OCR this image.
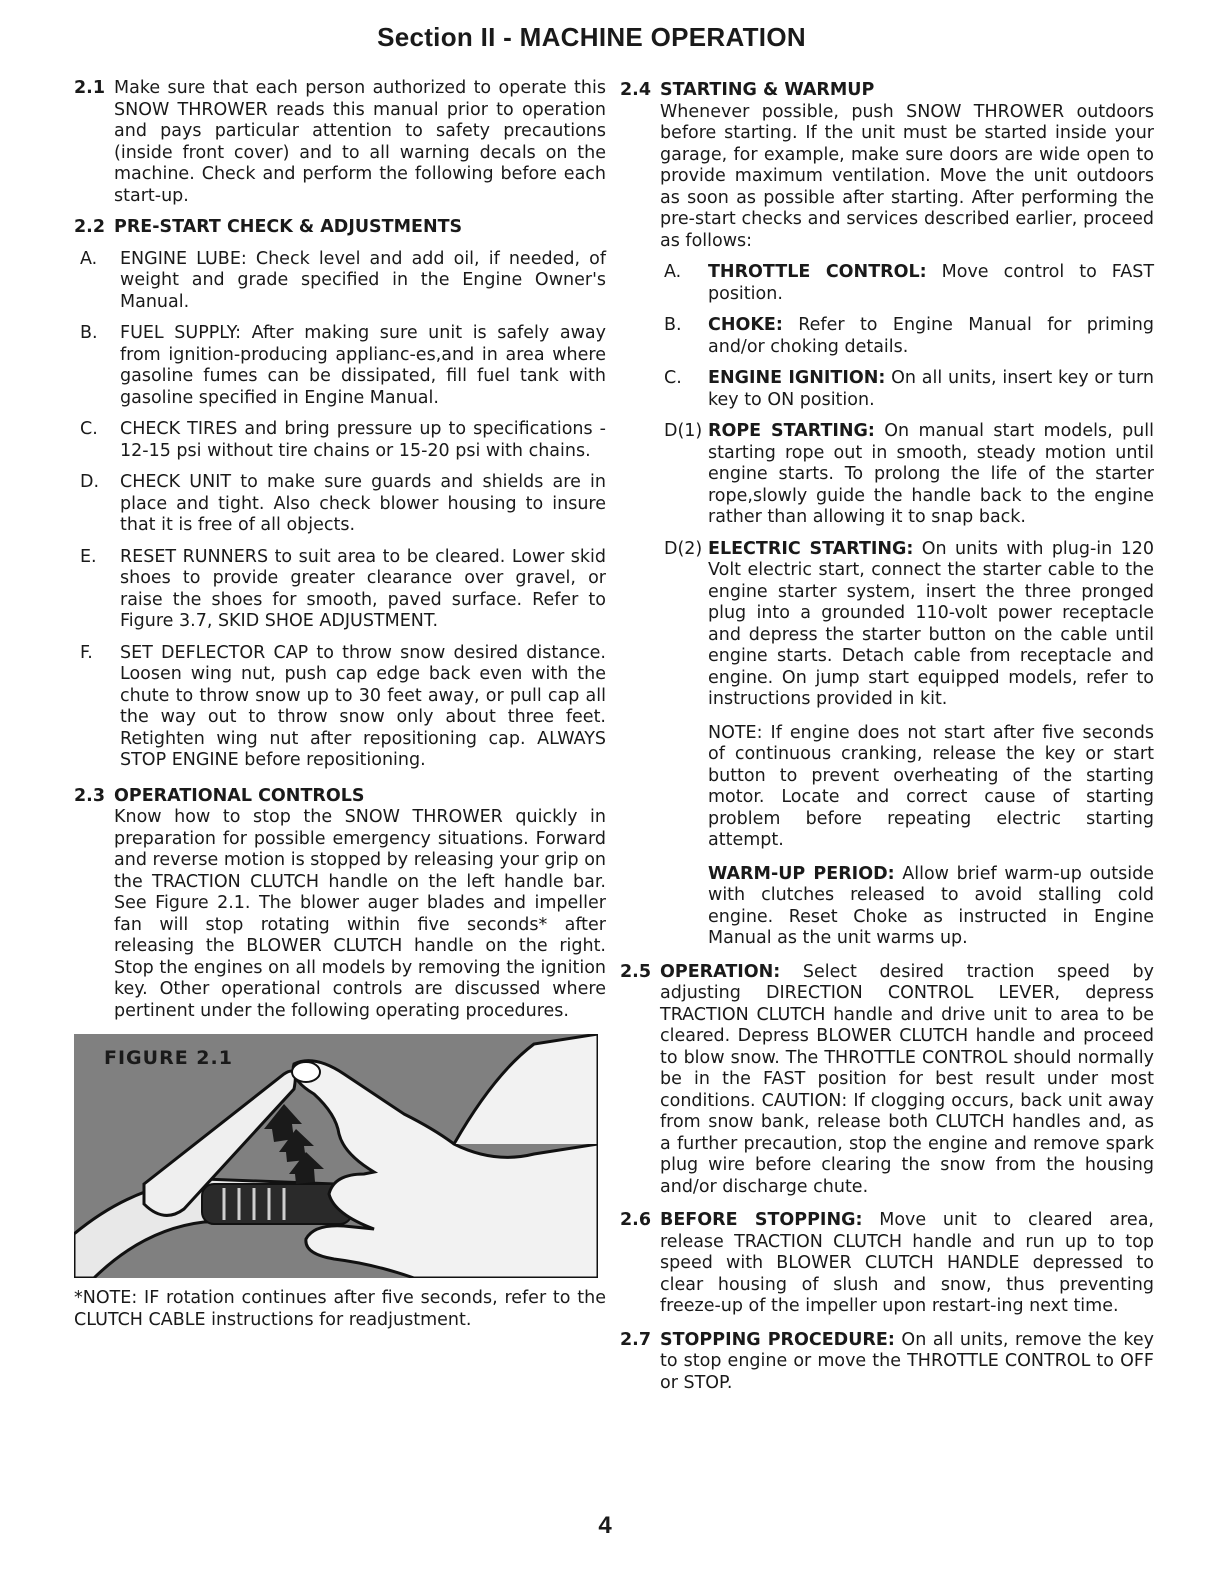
Section II - MACHINE OPERATION
2.1 Make sure that each person authorized to operate this SNOW THROWER reads this manual prior to operation and pays particular attention to safety precautions (inside front cover) and to all warning decals on the machine. Check and perform the following before each start-up.
2.2 PRE-START CHECK & ADJUSTMENTS
A.	ENGINE LUBE: Check level and add oil, if needed, of weight and grade specified in the Engine Owner's Manual.
B.	FUEL SUPPLY: After making sure unit is safely away from ignition-producing applianc-es,and in area where gasoline fumes can be dissipated, fill fuel tank with gasoline specified in Engine Manual.
C.	CHECK TIRES and bring pressure up to specifications - 12-15 psi without tire chains or 15-20 psi with chains.
D.	CHECK UNIT to make sure guards and shields are in place and tight. Also check blower housing to insure that it is free of all objects.
E.	RESET RUNNERS to suit area to be cleared. Lower skid shoes to provide greater clearance over gravel, or raise the shoes for smooth, paved surface. Refer to Figure 3.7, SKID SHOE ADJUSTMENT.
F.	SET DEFLECTOR CAP to throw snow desired distance. Loosen wing nut, push cap edge back even with the chute to throw snow up to 30 feet away, or pull cap all the way out to throw snow only about three feet. Retighten wing nut after repositioning cap. ALWAYS STOP ENGINE before repositioning.
2.3 OPERATIONAL CONTROLS
Know how to stop the SNOW THROWER quickly in preparation for possible emergency situations. Forward and reverse motion is stopped by releasing your grip on the TRACTION CLUTCH handle on the left handle bar. See Figure 2.1. The blower auger blades and impeller fan will stop rotating within five seconds* after releasing the BLOWER CLUTCH handle on the right. Stop the engines on all models by removing the ignition key. Other operational controls are discussed where pertinent under the following operating procedures.
FIGURE 2.1
*NOTE: IF rotation continues after five seconds, refer to the CLUTCH CABLE instructions for readjustment.
2.4 STARTING & WARMUP
Whenever possible, push SNOW THROWER outdoors before starting. If the unit must be started inside your garage, for example, make sure doors are wide open to provide maximum ventilation. Move the unit outdoors as soon as possible after starting. After performing the pre-start checks and services described earlier, proceed as follows:
A.	THROTTLE CONTROL: Move control to FAST position.
B.	CHOKE: Refer to Engine Manual for priming and/or choking details.
C.	ENGINE IGNITION: On all units, insert key or turn key to ON position.
D(1) ROPE STARTING: On manual start models, pull starting rope out in smooth, steady motion until engine starts. To prolong the life of the starter rope,slowly guide the handle back to the engine rather than allowing it to snap back.
D(2) ELECTRIC STARTING: On units with plug-in 120 Volt electric start, connect the starter cable to the engine starter system, insert the three pronged plug into a grounded 110-volt power receptacle and depress the starter button on the cable until engine starts. Detach cable from receptacle and engine. On jump start equipped models, refer to instructions provided in kit.
NOTE: If engine does not start after five seconds of continuous cranking, release the key or start button to prevent overheating of the starting motor. Locate and correct cause of starting problem before repeating electric starting attempt.
WARM-UP PERIOD: Allow brief warm-up outside with clutches released to avoid stalling cold engine. Reset Choke as instructed in Engine Manual as the unit warms up.
2.5 OPERATION: Select desired traction speed by adjusting DIRECTION CONTROL LEVER, depress TRACTION CLUTCH handle and drive unit to area to be cleared. Depress BLOWER CLUTCH handle and proceed to blow snow. The THROTTLE CONTROL should normally be in the FAST position for best result under most conditions. CAUTION: If clogging occurs, back unit away from snow bank, release both CLUTCH handles and, as a further precaution, stop the engine and remove spark plug wire before clearing the snow from the housing and/or discharge chute.
2.6 BEFORE STOPPING: Move unit to cleared area, release TRACTION CLUTCH handle and run up to top speed with BLOWER CLUTCH HANDLE depressed to clear housing of slush and snow, thus preventing freeze-up of the impeller upon restart-ing next time.
2.7 STOPPING PROCEDURE: On all units, remove the key to stop engine or move the THROTTLE CONTROL to OFF or STOP.
4
